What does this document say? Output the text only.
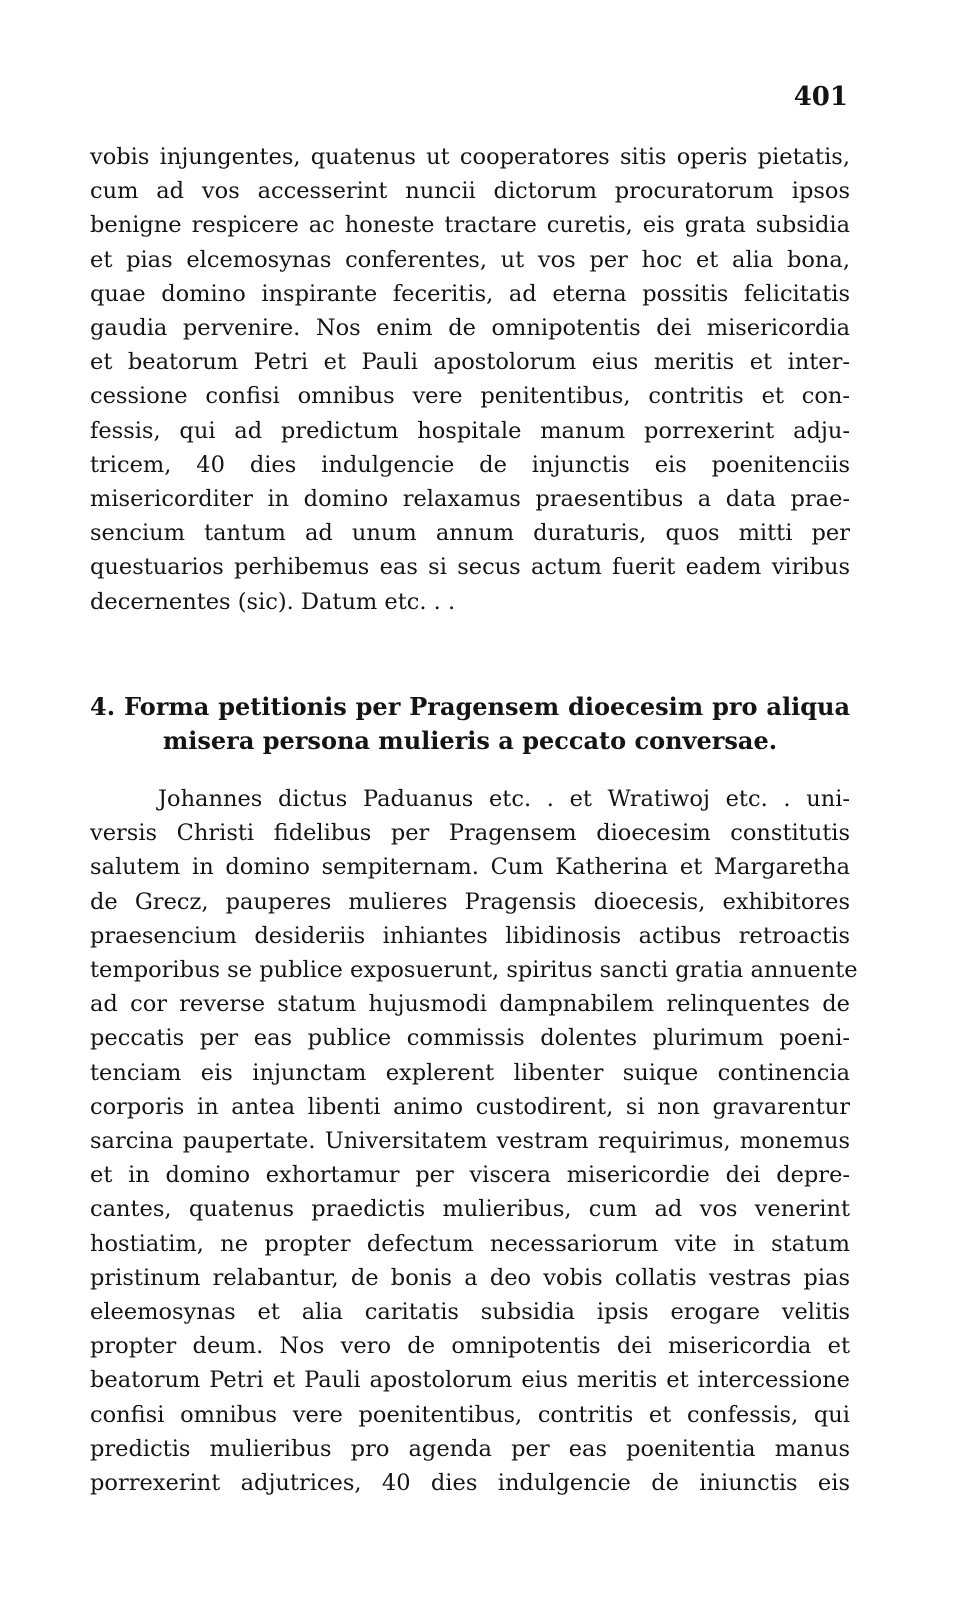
401
vobis injungentes, quatenus ut cooperatores sitis operis pietatis,
cum ad vos accesserint nuncii dictorum procuratorum ipsos
benigne respicere ac honeste tractare curetis, eis grata subsidia
et pias elcemosynas conferentes, ut vos per hoc et alia bona,
quae domino inspirante feceritis, ad eterna possitis felicitatis
gaudia pervenire. Nos enim de omnipotentis dei misericordia
et beatorum Petri et Pauli apostolorum eius meritis et inter-
cessione confisi omnibus vere penitentibus, contritis et con-
fessis, qui ad predictum hospitale manum porrexerint adju-
tricem, 40 dies indulgencie de injunctis eis poenitenciis
misericorditer in domino relaxamus praesentibus a data prae-
sencium tantum ad unum annum duraturis, quos mitti per
questuarios perhibemus eas si secus actum fuerit eadem viribus
decernentes (sic). Datum etc. . .
4. Forma petitionis per Pragensem dioecesim pro aliqua
misera persona mulieris a peccato conversae.
Johannes dictus Paduanus etc. . et Wratiwoj etc. . uni-
versis Christi fidelibus per Pragensem dioecesim constitutis
salutem in domino sempiternam. Cum Katherina et Margaretha
de Grecz, pauperes mulieres Pragensis dioecesis, exhibitores
praesencium desideriis inhiantes libidinosis actibus retroactis
temporibus se publice exposuerunt, spiritus sancti gratia annuente
ad cor reverse statum hujusmodi dampnabilem relinquentes de
peccatis per eas publice commissis dolentes plurimum poeni-
tenciam eis injunctam explerent libenter suique continencia
corporis in antea libenti animo custodirent, si non gravarentur
sarcina paupertate. Universitatem vestram requirimus, monemus
et in domino exhortamur per viscera misericordie dei depre-
cantes, quatenus praedictis mulieribus, cum ad vos venerint
hostiatim, ne propter defectum necessariorum vite in statum
pristinum relabantur, de bonis a deo vobis collatis vestras pias
eleemosynas et alia caritatis subsidia ipsis erogare velitis
propter deum. Nos vero de omnipotentis dei misericordia et
beatorum Petri et Pauli apostolorum eius meritis et intercessione
confisi omnibus vere poenitentibus, contritis et confessis, qui
predictis mulieribus pro agenda per eas poenitentia manus
porrexerint adjutrices, 40 dies indulgencie de iniunctis eis
